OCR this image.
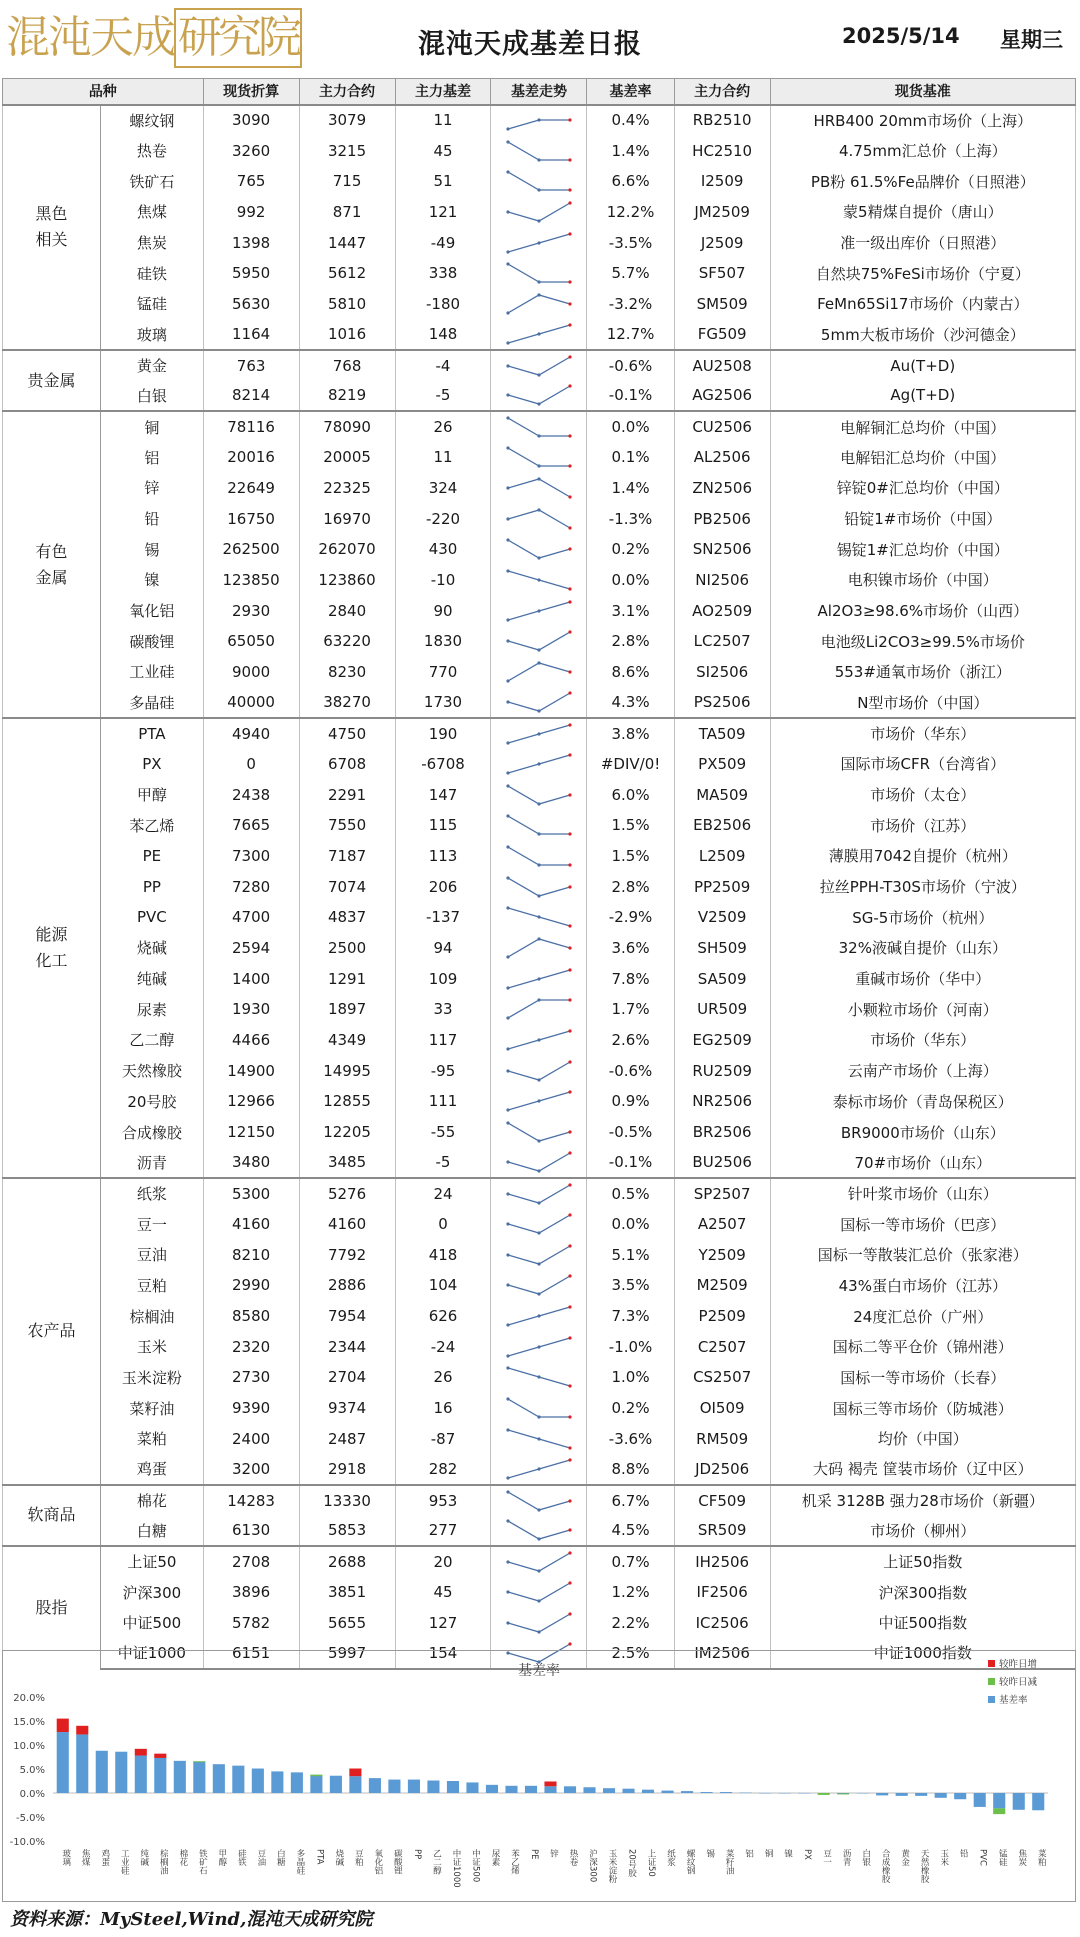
混沌天成研究院	混沌天成基差日报	2025/5/14 星期三
品种		现货折算	主力合约	主力基差	基差走势	基差率	主力合约	现货基准
黑色
相关	螺纹钢	3090	3079	11		0.4%	RB2510	HRB400 20mm市场价（上海）
	热卷	3260	3215	45		1.4%	HC2510	4.75mm汇总价（上海）
	铁矿石	765	715	51		6.6%	I2509	PB粉 61.5%Fe品牌价（日照港）
	焦煤	992	871	121		12.2%	JM2509	蒙5精煤自提价（唐山）
	焦炭	1398	1447	-49		-3.5%	J2509	准一级出库价（日照港）
	硅铁	5950	5612	338		5.7%	SF507	自然块75%FeSi市场价（宁夏）
	锰硅	5630	5810	-180		-3.2%	SM509	FeMn65Si17市场价（内蒙古）
	玻璃	1164	1016	148		12.7%	FG509	5mm大板市场价（沙河德金）
贵金属	黄金	763	768	-4		-0.6%	AU2508	Au(T+D)
	白银	8214	8219	-5		-0.1%	AG2506	Ag(T+D)
有色
金属	铜	78116	78090	26		0.0%	CU2506	电解铜汇总均价（中国）
	铝	20016	20005	11		0.1%	AL2506	电解铝汇总均价（中国）
	锌	22649	22325	324		1.4%	ZN2506	锌锭0#汇总均价（中国）
	铅	16750	16970	-220		-1.3%	PB2506	铅锭1#市场价（中国）
	锡	262500	262070	430		0.2%	SN2506	锡锭1#汇总均价（中国）
	镍	123850	123860	-10		0.0%	NI2506	电积镍市场价（中国）
	氧化铝	2930	2840	90		3.1%	AO2509	Al2O3≥98.6%市场价（山西）
	碳酸锂	65050	63220	1830		2.8%	LC2507	电池级Li2CO3≥99.5%市场价
	工业硅	9000	8230	770		8.6%	SI2506	553#通氧市场价（浙江）
	多晶硅	40000	38270	1730		4.3%	PS2506	N型市场价（中国）
能源
化工	PTA	4940	4750	190		3.8%	TA509	市场价（华东）
	PX	0	6708	-6708		#DIV/0!	PX509	国际市场CFR（台湾省）
	甲醇	2438	2291	147		6.0%	MA509	市场价（太仓）
	苯乙烯	7665	7550	115		1.5%	EB2506	市场价（江苏）
	PE	7300	7187	113		1.5%	L2509	薄膜用7042自提价（杭州）
	PP	7280	7074	206		2.8%	PP2509	拉丝PPH-T30S市场价（宁波）
	PVC	4700	4837	-137		-2.9%	V2509	SG-5市场价（杭州）
	烧碱	2594	2500	94		3.6%	SH509	32%液碱自提价（山东）
	纯碱	1400	1291	109		7.8%	SA509	重碱市场价（华中）
	尿素	1930	1897	33		1.7%	UR509	小颗粒市场价（河南）
	乙二醇	4466	4349	117		2.6%	EG2509	市场价（华东）
	天然橡胶	14900	14995	-95		-0.6%	RU2509	云南产市场价（上海）
	20号胶	12966	12855	111		0.9%	NR2506	泰标市场价（青岛保税区）
	合成橡胶	12150	12205	-55		-0.5%	BR2506	BR9000市场价（山东）
	沥青	3480	3485	-5		-0.1%	BU2506	70#市场价（山东）
农产品	纸浆	5300	5276	24		0.5%	SP2507	针叶浆市场价（山东）
	豆一	4160	4160	0		0.0%	A2507	国标一等市场价（巴彦）
	豆油	8210	7792	418		5.1%	Y2509	国标一等散装汇总价（张家港）
	豆粕	2990	2886	104		3.5%	M2509	43%蛋白市场价（江苏）
	棕榈油	8580	7954	626		7.3%	P2509	24度汇总价（广州）
	玉米	2320	2344	-24		-1.0%	C2507	国标二等平仓价（锦州港）
	玉米淀粉	2730	2704	26		1.0%	CS2507	国标一等市场价（长春）
	菜籽油	9390	9374	16		0.2%	OI509	国标三等市场价（防城港）
	菜粕	2400	2487	-87		-3.6%	RM509	均价（中国）
	鸡蛋	3200	2918	282		8.8%	JD2506	大码 褐壳 筐装市场价（辽中区）
软商品	棉花	14283	13330	953		6.7%	CF509	机采 3128B 强力28市场价（新疆）
	白糖	6130	5853	277		4.5%	SR509	市场价（柳州）
股指	上证50	2708	2688	20		0.7%	IH2506	上证50指数
	沪深300	3896	3851	45		1.2%	IF2506	沪深300指数
	中证500	5782	5655	127		2.2%	IC2506	中证500指数
	中证1000	6151	5997	154		2.5%	IM2506	中证1000指数
基差率
20.0%
15.0%
10.0%
5.0%
0.0%
-5.0%
-10.0%
玻璃 焦煤 鸡蛋 工业硅 纯碱 棕榈油 棉花 铁矿石 甲醇 硅铁 豆油 白糖 多晶硅 PTA 烧碱 豆粕 氧化铝 碳酸锂 PP 乙二醇 中证1000 中证500 尿素 苯乙烯 PE 锌 热卷 沪深300 玉米淀粉 20号胶 上证50 纸浆 螺纹钢 锡 菜籽油 铝 铜 镍 PX 豆一 沥青 白银 合成橡胶 黄金 天然橡胶 玉米 铅 PVC 锰硅 焦炭 菜粕
较昨日增
较昨日减
基差率
资料来源：MySteel,Wind,混沌天成研究院
